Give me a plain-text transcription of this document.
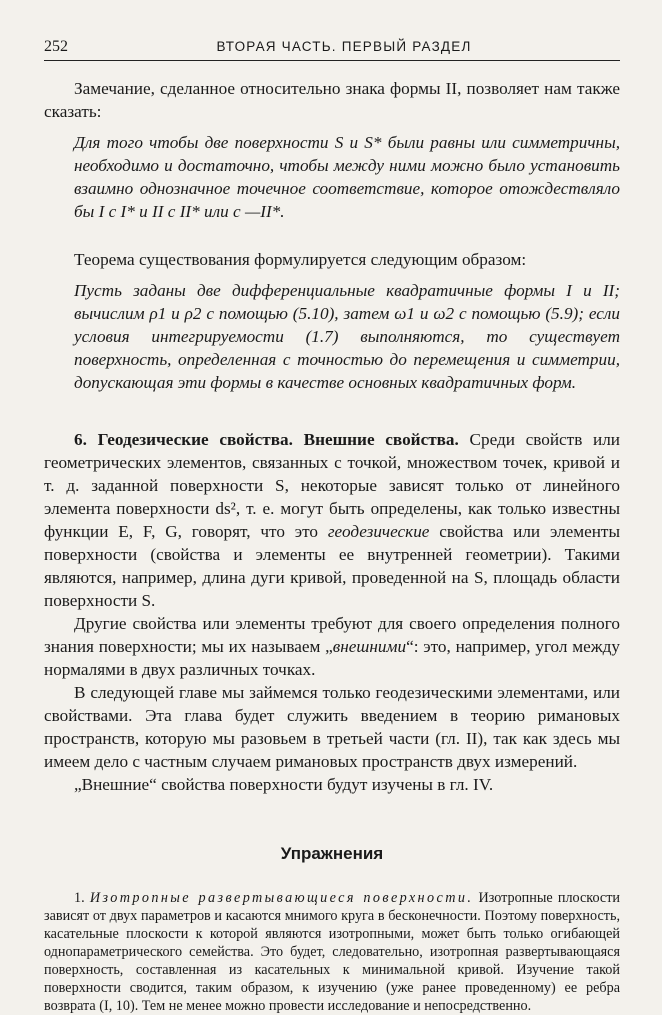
252	ВТОРАЯ ЧАСТЬ. ПЕРВЫЙ РАЗДЕЛ

Замечание, сделанное относительно знака формы II, позволяет нам также сказать:

Для того чтобы две поверхности S и S* были равны или симметричны, необходимо и достаточно, чтобы между ними можно было установить взаимно однозначное точечное соответствие, которое отождествляло бы I с I* и II с II* или с —II*.

Теорема существования формулируется следующим образом:

Пусть заданы две дифференциальные квадратичные формы I и II; вычислим ρ1 и ρ2 с помощью (5.10), затем ω1 и ω2 с помощью (5.9); если условия интегрируемости (1.7) выполняются, то существует поверхность, определенная с точностью до перемещения и симметрии, допускающая эти формы в качестве основных квадратичных форм.

6. Геодезические свойства. Внешние свойства. Среди свойств или геометрических элементов, связанных с точкой, множеством точек, кривой и т. д. заданной поверхности S, некоторые зависят только от линейного элемента поверхности ds², т. е. могут быть определены, как только известны функции E, F, G, говорят, что это геодезические свойства или элементы поверхности (свойства и элементы ее внутренней геометрии). Такими являются, например, длина дуги кривой, проведенной на S, площадь области поверхности S.

Другие свойства или элементы требуют для своего определения полного знания поверхности; мы их называем „внешними“: это, например, угол между нормалями в двух различных точках.

В следующей главе мы займемся только геодезическими элементами, или свойствами. Эта глава будет служить введением в теорию римановых пространств, которую мы разовьем в третьей части (гл. II), так как здесь мы имеем дело с частным случаем римановых пространств двух измерений.

„Внешние“ свойства поверхности будут изучены в гл. IV.

Упражнения

1. Изотропные развертывающиеся поверхности. Изотропные плоскости зависят от двух параметров и касаются мнимого круга в бесконечности. Поэтому поверхность, касательные плоскости к которой являются изотропными, может быть только огибающей однопараметрического семейства. Это будет, следовательно, изотропная развертывающаяся поверхность, составленная из касательных к минимальной кривой. Изучение такой поверхности сводится, таким образом, к изучению (уже ранее проведенному) ее ребра возврата (I, 10). Тем не менее можно провести исследование и непосредственно.
